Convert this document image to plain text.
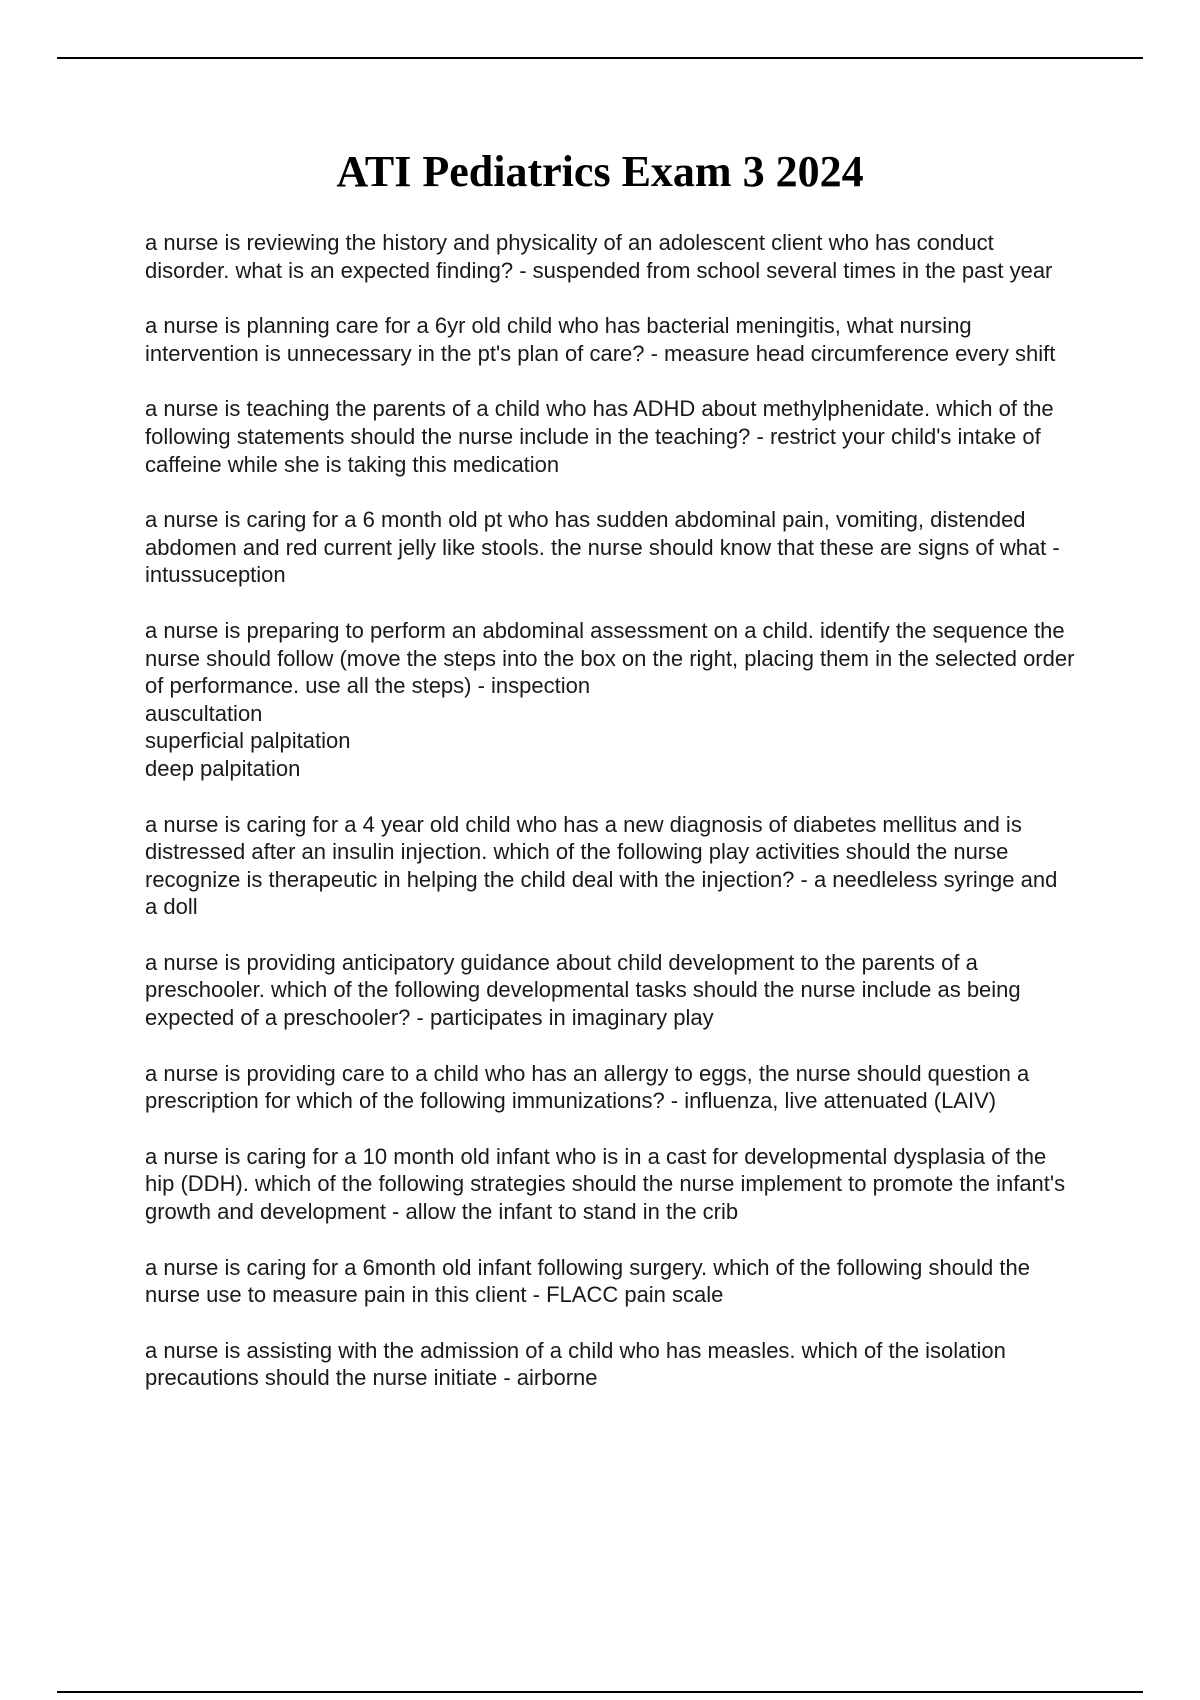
ATI Pediatrics Exam 3 2024
a nurse is reviewing the history and physicality of an adolescent client who has conduct disorder. what is an expected finding? - suspended from school several times in the past year
a nurse is planning care for a 6yr old child who has bacterial meningitis, what nursing intervention is unnecessary in the pt's plan of care? - measure head circumference every shift
a nurse is teaching the parents of a child who has ADHD about methylphenidate. which of the following statements should the nurse include in the teaching? - restrict your child's intake of caffeine while she is taking this medication
a nurse is caring for a 6 month old pt who has sudden abdominal pain, vomiting, distended abdomen and red current jelly like stools. the nurse should know that these are signs of what - intussuception
a nurse is preparing to perform an abdominal assessment on a child. identify the sequence the nurse should follow (move the steps into the box on the right, placing them in the selected order of performance. use all the steps) - inspection
auscultation
superficial palpitation
deep palpitation
a nurse is caring for a 4 year old child who has a new diagnosis of diabetes mellitus and is distressed after an insulin injection. which of the following play activities should the nurse recognize is therapeutic in helping the child deal with the injection? - a needleless syringe and a doll
a nurse is providing anticipatory guidance about child development to the parents of a preschooler. which of the following developmental tasks should the nurse include as being expected of a preschooler? - participates in imaginary play
a nurse is providing care to a child who has an allergy to eggs, the nurse should question a prescription for which of the following immunizations? - influenza, live attenuated (LAIV)
a nurse is caring for a 10 month old infant who is in a cast for developmental dysplasia of the hip (DDH). which of the following strategies should the nurse implement to promote the infant's growth and development - allow the infant to stand in the crib
a nurse is caring for a 6month old infant following surgery. which of the following should the nurse use to measure pain in this client - FLACC pain scale
a nurse is assisting with the admission of a child who has measles. which of the isolation precautions should the nurse initiate - airborne
